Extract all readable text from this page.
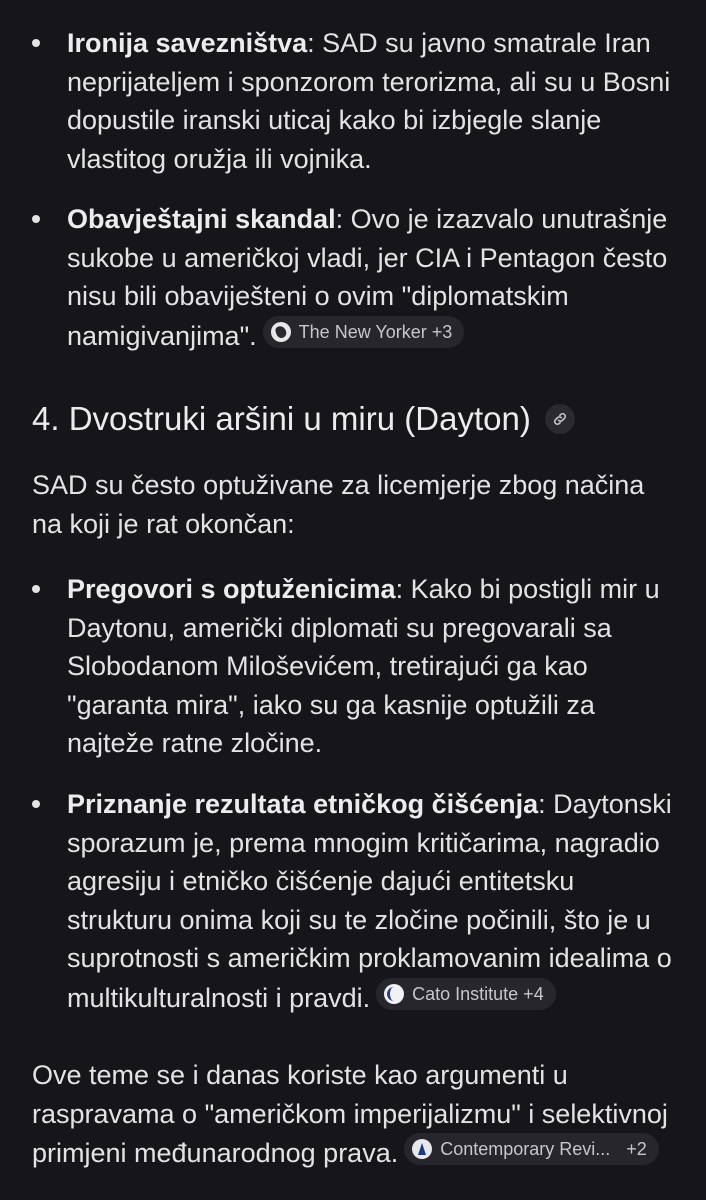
Ironija savezništva: SAD su javno smatrale Iran neprijateljem i sponzorom terorizma, ali su u Bosni dopustile iranski uticaj kako bi izbjegle slanje vlastitog oružja ili vojnika.
Obavještajni skandal: Ovo je izazvalo unutrašnje sukobe u američkoj vladi, jer CIA i Pentagon često nisu bili obaviješteni o ovim "diplomatskim namigivanjima". The New Yorker +3
4. Dvostruki aršini u miru (Dayton)

SAD su često optuživane za licemjerje zbog načina na koji je rat okončan:

Pregovori s optuženicima: Kako bi postigli mir u Daytonu, američki diplomati su pregovarali sa Slobodanom Miloševićem, tretirajući ga kao "garanta mira", iako su ga kasnije optužili za najteže ratne zločine.
Priznanje rezultata etničkog čišćenja: Daytonski sporazum je, prema mnogim kritičarima, nagradio agresiju i etničko čišćenje dajući entitetsku strukturu onima koji su te zločine počinili, što je u suprotnosti s američkim proklamovanim idealima o multikulturalnosti i pravdi. Cato Institute +4

Ove teme se i danas koriste kao argumenti u raspravama o "američkom imperijalizmu" i selektivnoj primjeni međunarodnog prava. Contemporary Revi... +2
